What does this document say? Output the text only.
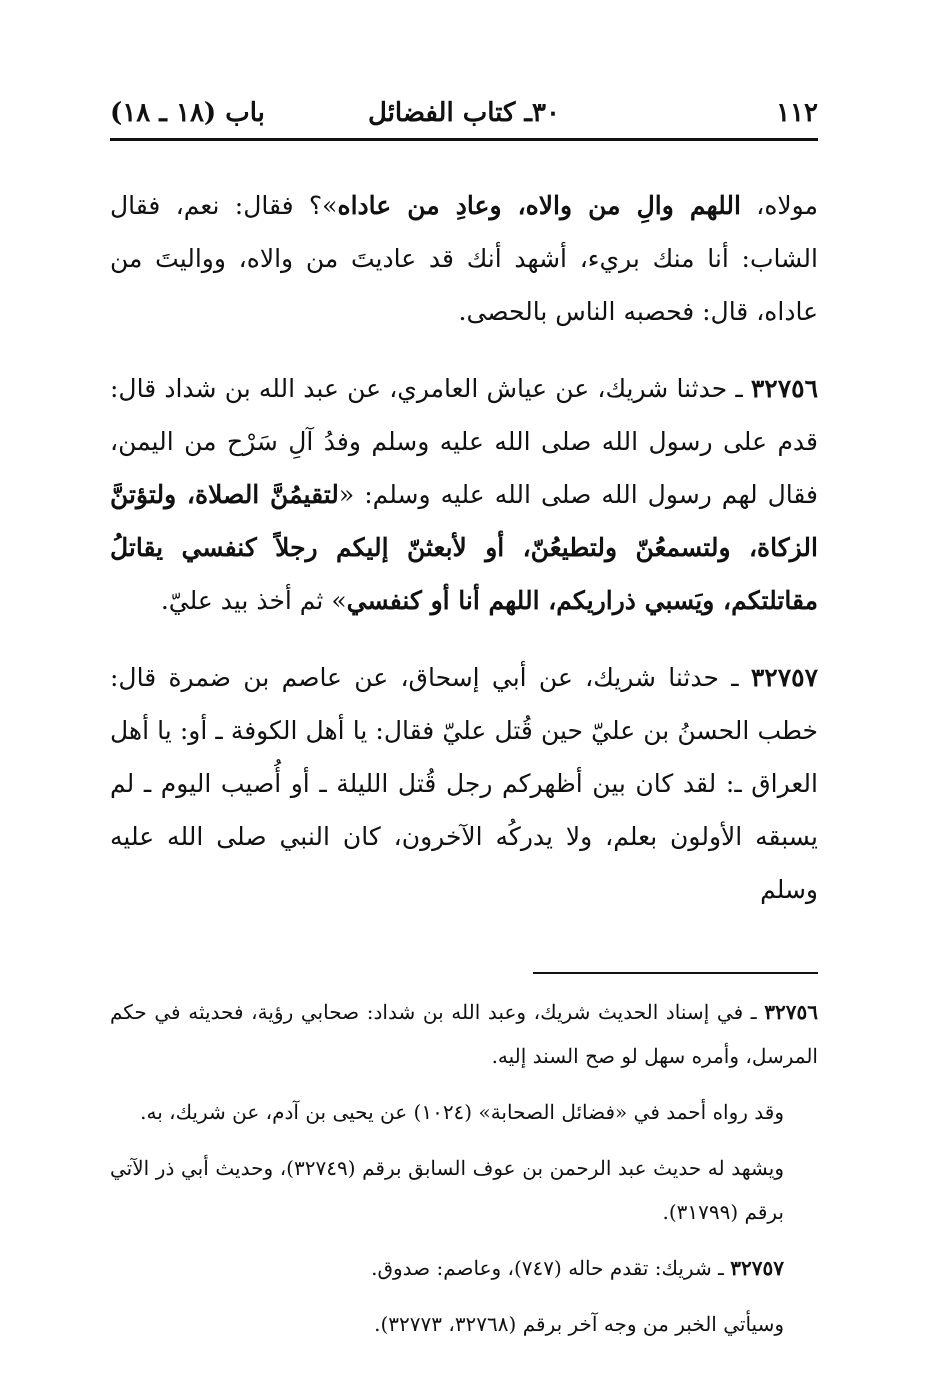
١١٢
٣٠ـ كتاب الفضائل
باب (١٨ ـ ١٨)

مولاه، اللهم والِ من والاه، وعادِ من عاداه»؟ فقال: نعم، فقال الشاب: أنا منك بريء، أشهد أنك قد عاديتَ من والاه، وواليتَ من عاداه، قال: فحصبه الناس بالحصى.

٣٢٧٥٦ ـ حدثنا شريك، عن عياش العامري، عن عبد الله بن شداد قال: قدم على رسول الله صلى الله عليه وسلم وفدُ آلِ سَرْح من اليمن، فقال لهم رسول الله صلى الله عليه وسلم: «لتقيمُنَّ الصلاة، ولتؤتنَّ الزكاة، ولتسمعُنّ ولتطيعُنّ، أو لأبعثنّ إليكم رجلاً كنفسي يقاتلُ مقاتلتكم، ويَسبي ذراريكم، اللهم أنا أو كنفسي» ثم أخذ بيد عليّ.

٣٢٧٥٧ ـ حدثنا شريك، عن أبي إسحاق، عن عاصم بن ضمرة قال: خطب الحسنُ بن عليّ حين قُتل عليّ فقال: يا أهل الكوفة ـ أو: يا أهل العراق ـ: لقد كان بين أظهركم رجل قُتل الليلة ـ أو أُصيب اليوم ـ لم يسبقه الأولون بعلم، ولا يدركُه الآخرون، كان النبي صلى الله عليه وسلم

٣٢٧٥٦ ـ في إسناد الحديث شريك، وعبد الله بن شداد: صحابي رؤية، فحديثه في حكم المرسل، وأمره سهل لو صح السند إليه.

وقد رواه أحمد في «فضائل الصحابة» (١٠٢٤) عن يحيى بن آدم، عن شريك، به.

ويشهد له حديث عبد الرحمن بن عوف السابق برقم (٣٢٧٤٩)، وحديث أبي ذر الآتي برقم (٣١٧٩٩).

٣٢٧٥٧ ـ شريك: تقدم حاله (٧٤٧)، وعاصم: صدوق.

وسيأتي الخبر من وجه آخر برقم (٣٢٧٦٨، ٣٢٧٧٣).
